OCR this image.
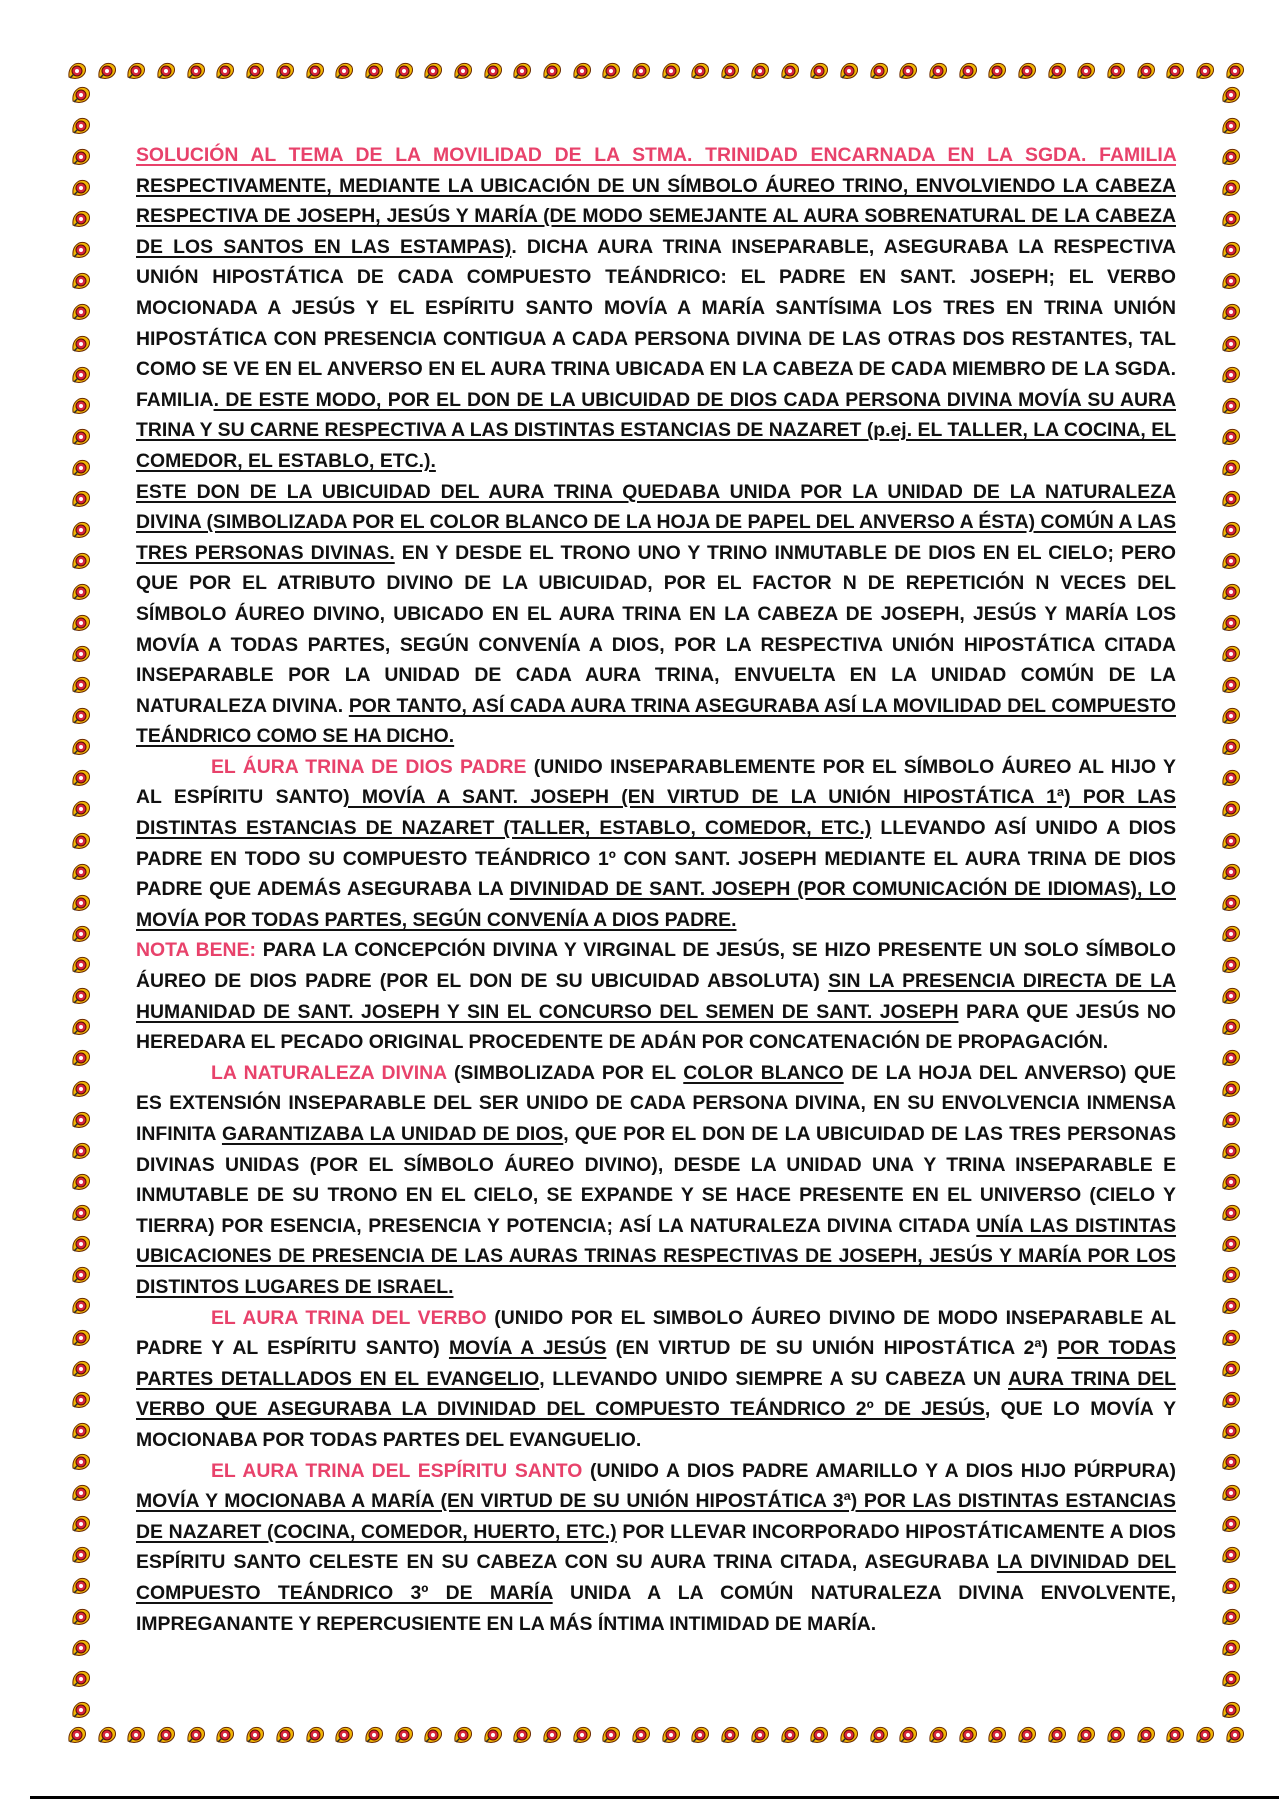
SOLUCIÓN AL TEMA DE LA MOVILIDAD DE LA STMA. TRINIDAD ENCARNADA EN LA SGDA. FAMILIA RESPECTIVAMENTE, MEDIANTE LA UBICACIÓN DE UN SÍMBOLO ÁUREO TRINO, ENVOLVIENDO LA CABEZA RESPECTIVA DE JOSEPH, JESÚS Y MARÍA (DE MODO SEMEJANTE AL AURA SOBRENATURAL DE LA CABEZA DE LOS SANTOS EN LAS ESTAMPAS). DICHA AURA TRINA INSEPARABLE, ASEGURABA LA RESPECTIVA UNIÓN HIPOSTÁTICA DE CADA COMPUESTO TEÁNDRICO: EL PADRE EN SANT. JOSEPH; EL VERBO MOCIONADA A JESÚS Y EL ESPÍRITU SANTO MOVÍA A MARÍA SANTÍSIMA LOS TRES EN TRINA UNIÓN HIPOSTÁTICA CON PRESENCIA CONTIGUA A CADA PERSONA DIVINA DE LAS OTRAS DOS RESTANTES, TAL COMO SE VE EN EL ANVERSO EN EL AURA TRINA UBICADA EN LA CABEZA DE CADA MIEMBRO DE LA SGDA. FAMILIA. DE ESTE MODO, POR EL DON DE LA UBICUIDAD DE DIOS CADA PERSONA DIVINA MOVÍA SU AURA TRINA Y SU CARNE RESPECTIVA A LAS DISTINTAS ESTANCIAS DE NAZARET (p.ej. EL TALLER, LA COCINA, EL COMEDOR, EL ESTABLO, ETC.).

ESTE DON DE LA UBICUIDAD DEL AURA TRINA QUEDABA UNIDA POR LA UNIDAD DE LA NATURALEZA DIVINA (SIMBOLIZADA POR EL COLOR BLANCO DE LA HOJA DE PAPEL DEL ANVERSO A ÉSTA) COMÚN A LAS TRES PERSONAS DIVINAS. EN Y DESDE EL TRONO UNO Y TRINO INMUTABLE DE DIOS EN EL CIELO; PERO QUE POR EL ATRIBUTO DIVINO DE LA UBICUIDAD, POR EL FACTOR N DE REPETICIÓN N VECES DEL SÍMBOLO ÁUREO DIVINO, UBICADO EN EL AURA TRINA EN LA CABEZA DE JOSEPH, JESÚS Y MARÍA LOS MOVÍA A TODAS PARTES, SEGÚN CONVENÍA A DIOS, POR LA RESPECTIVA UNIÓN HIPOSTÁTICA CITADA INSEPARABLE POR LA UNIDAD DE CADA AURA TRINA, ENVUELTA EN LA UNIDAD COMÚN DE LA NATURALEZA DIVINA. POR TANTO, ASÍ CADA AURA TRINA ASEGURABA ASÍ LA MOVILIDAD DEL COMPUESTO TEÁNDRICO COMO SE HA DICHO.

EL ÁURA TRINA DE DIOS PADRE (UNIDO INSEPARABLEMENTE POR EL SÍMBOLO ÁUREO AL HIJO Y AL ESPÍRITU SANTO) MOVÍA A SANT. JOSEPH (EN VIRTUD DE LA UNIÓN HIPOSTÁTICA 1ª) POR LAS DISTINTAS ESTANCIAS DE NAZARET (TALLER, ESTABLO, COMEDOR, ETC.) LLEVANDO ASÍ UNIDO A DIOS PADRE EN TODO SU COMPUESTO TEÁNDRICO 1º CON SANT. JOSEPH MEDIANTE EL AURA TRINA DE DIOS PADRE QUE ADEMÁS ASEGURABA LA DIVINIDAD DE SANT. JOSEPH (POR COMUNICACIÓN DE IDIOMAS), LO MOVÍA POR TODAS PARTES, SEGÚN CONVENÍA A DIOS PADRE.

NOTA BENE: PARA LA CONCEPCIÓN DIVINA Y VIRGINAL DE JESÚS, SE HIZO PRESENTE UN SOLO SÍMBOLO ÁUREO DE DIOS PADRE (POR EL DON DE SU UBICUIDAD ABSOLUTA) SIN LA PRESENCIA DIRECTA DE LA HUMANIDAD DE SANT. JOSEPH Y SIN EL CONCURSO DEL SEMEN DE SANT. JOSEPH PARA QUE JESÚS NO HEREDARA EL PECADO ORIGINAL PROCEDENTE DE ADÁN POR CONCATENACIÓN DE PROPAGACIÓN.

LA NATURALEZA DIVINA (SIMBOLIZADA POR EL COLOR BLANCO DE LA HOJA DEL ANVERSO) QUE ES EXTENSIÓN INSEPARABLE DEL SER UNIDO DE CADA PERSONA DIVINA, EN SU ENVOLVENCIA INMENSA INFINITA GARANTIZABA LA UNIDAD DE DIOS, QUE POR EL DON DE LA UBICUIDAD DE LAS TRES PERSONAS DIVINAS UNIDAS (POR EL SÍMBOLO ÁUREO DIVINO), DESDE LA UNIDAD UNA Y TRINA INSEPARABLE E INMUTABLE DE SU TRONO EN EL CIELO, SE EXPANDE Y SE HACE PRESENTE EN EL UNIVERSO (CIELO Y TIERRA) POR ESENCIA, PRESENCIA Y POTENCIA; ASÍ LA NATURALEZA DIVINA CITADA UNÍA LAS DISTINTAS UBICACIONES DE PRESENCIA DE LAS AURAS TRINAS RESPECTIVAS DE JOSEPH, JESÚS Y MARÍA POR LOS DISTINTOS LUGARES DE ISRAEL.

EL AURA TRINA DEL VERBO (UNIDO POR EL SIMBOLO ÁUREO DIVINO DE MODO INSEPARABLE AL PADRE Y AL ESPÍRITU SANTO) MOVÍA A JESÚS (EN VIRTUD DE SU UNIÓN HIPOSTÁTICA 2ª) POR TODAS PARTES DETALLADOS EN EL EVANGELIO, LLEVANDO UNIDO SIEMPRE A SU CABEZA UN AURA TRINA DEL VERBO QUE ASEGURABA LA DIVINIDAD DEL COMPUESTO TEÁNDRICO 2º DE JESÚS, QUE LO MOVÍA Y MOCIONABA POR TODAS PARTES DEL EVANGUELIO.

EL AURA TRINA DEL ESPÍRITU SANTO (UNIDO A DIOS PADRE AMARILLO Y A DIOS HIJO PÚRPURA) MOVÍA Y MOCIONABA A MARÍA (EN VIRTUD DE SU UNIÓN HIPOSTÁTICA 3ª) POR LAS DISTINTAS ESTANCIAS DE NAZARET (COCINA, COMEDOR, HUERTO, ETC.) POR LLEVAR INCORPORADO HIPOSTÁTICAMENTE A DIOS ESPÍRITU SANTO CELESTE EN SU CABEZA CON SU AURA TRINA CITADA, ASEGURABA LA DIVINIDAD DEL COMPUESTO TEÁNDRICO 3º DE MARÍA UNIDA A LA COMÚN NATURALEZA DIVINA ENVOLVENTE, IMPREGANANTE Y REPERCUSIENTE EN LA MÁS ÍNTIMA INTIMIDAD DE MARÍA.
